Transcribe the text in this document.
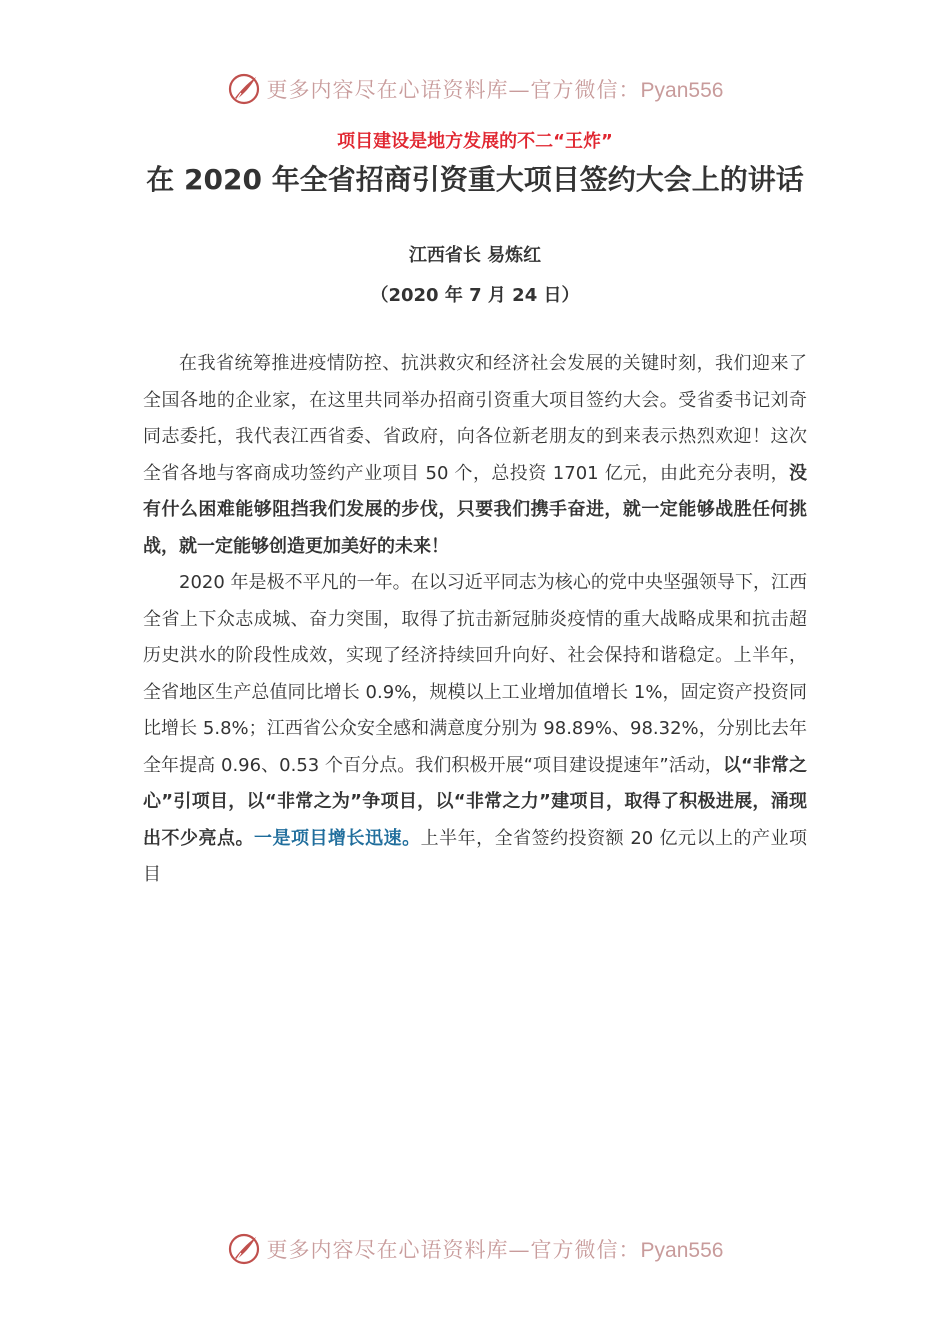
更多内容尽在心语资料库—官方微信：Pyan556
项目建设是地方发展的不二“王炸”
在 2020 年全省招商引资重大项目签约大会上的讲话
江西省长 易炼红
（2020 年 7 月 24 日）

在我省统筹推进疫情防控、抗洪救灾和经济社会发展的关键时刻，我们迎来了全国各地的企业家，在这里共同举办招商引资重大项目签约大会。受省委书记刘奇同志委托，我代表江西省委、省政府，向各位新老朋友的到来表示热烈欢迎！这次全省各地与客商成功签约产业项目 50 个，总投资 1701 亿元，由此充分表明，没有什么困难能够阻挡我们发展的步伐，只要我们携手奋进，就一定能够战胜任何挑战，就一定能够创造更加美好的未来！

2020 年是极不平凡的一年。在以习近平同志为核心的党中央坚强领导下，江西全省上下众志成城、奋力突围，取得了抗击新冠肺炎疫情的重大战略成果和抗击超历史洪水的阶段性成效，实现了经济持续回升向好、社会保持和谐稳定。上半年，全省地区生产总值同比增长 0.9%，规模以上工业增加值增长 1%，固定资产投资同比增长 5.8%；江西省公众安全感和满意度分别为 98.89%、98.32%，分别比去年全年提高 0.96、0.53 个百分点。我们积极开展“项目建设提速年”活动，以“非常之心”引项目，以“非常之为”争项目，以“非常之力”建项目，取得了积极进展，涌现出不少亮点。一是项目增长迅速。上半年，全省签约投资额 20 亿元以上的产业项目

更多内容尽在心语资料库—官方微信：Pyan556
